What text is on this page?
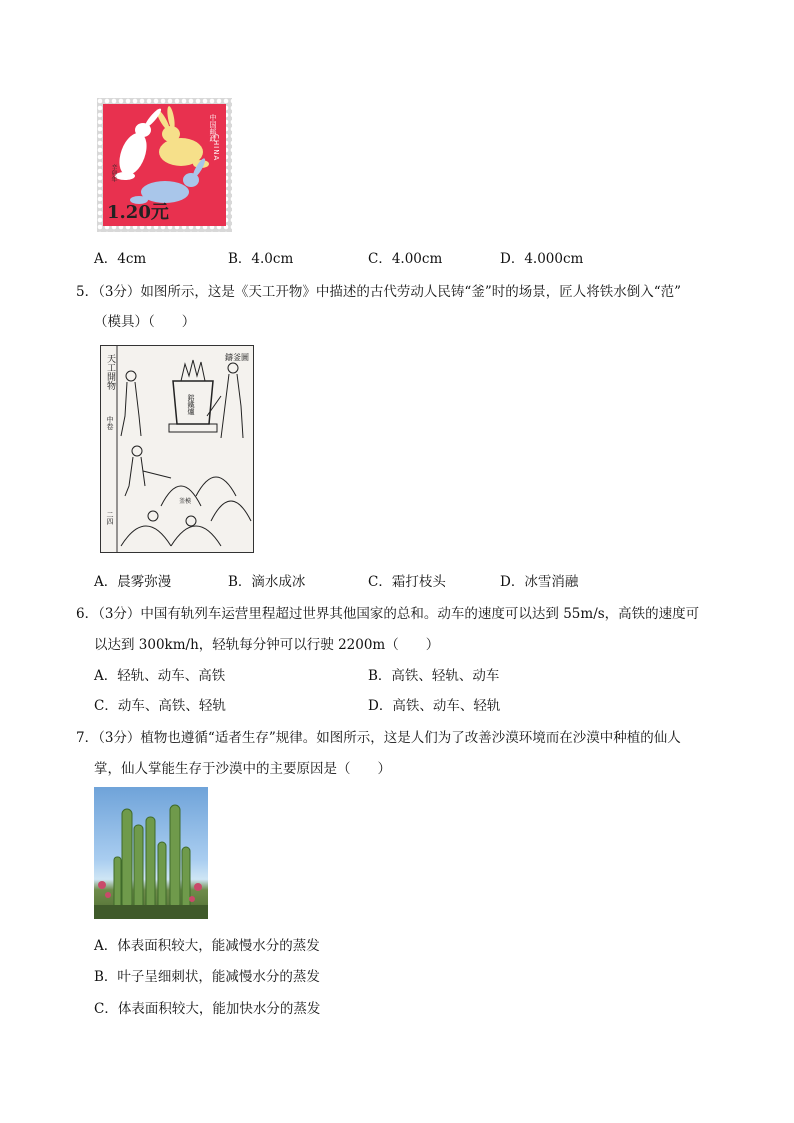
中国邮政
CHINA
辛卯年
1.20元
A．4cm	B．4.0cm	C．4.00cm	D．4.000cm
5．（3分）如图所示，这是《天工开物》中描述的古代劳动人民铸“釜”时的场景，匠人将铁水倒入“范”
（模具）（　　）
天工開物	鑄釜圖
鎔鐵爐
釜模
中卷
二四
A．晨雾弥漫	B．滴水成冰	C．霜打枝头	D．冰雪消融
6．（3分）中国有轨列车运营里程超过世界其他国家的总和。动车的速度可以达到 55m/s，高铁的速度可
以达到 300km/h，轻轨每分钟可以行驶 2200m（　　）
A．轻轨、动车、高铁	B．高铁、轻轨、动车
C．动车、高铁、轻轨	D．高铁、动车、轻轨
7．（3分）植物也遵循“适者生存”规律。如图所示，这是人们为了改善沙漠环境而在沙漠中种植的仙人
掌，仙人掌能生存于沙漠中的主要原因是（　　）
A．体表面积较大，能减慢水分的蒸发
B．叶子呈细刺状，能减慢水分的蒸发
C．体表面积较大，能加快水分的蒸发
